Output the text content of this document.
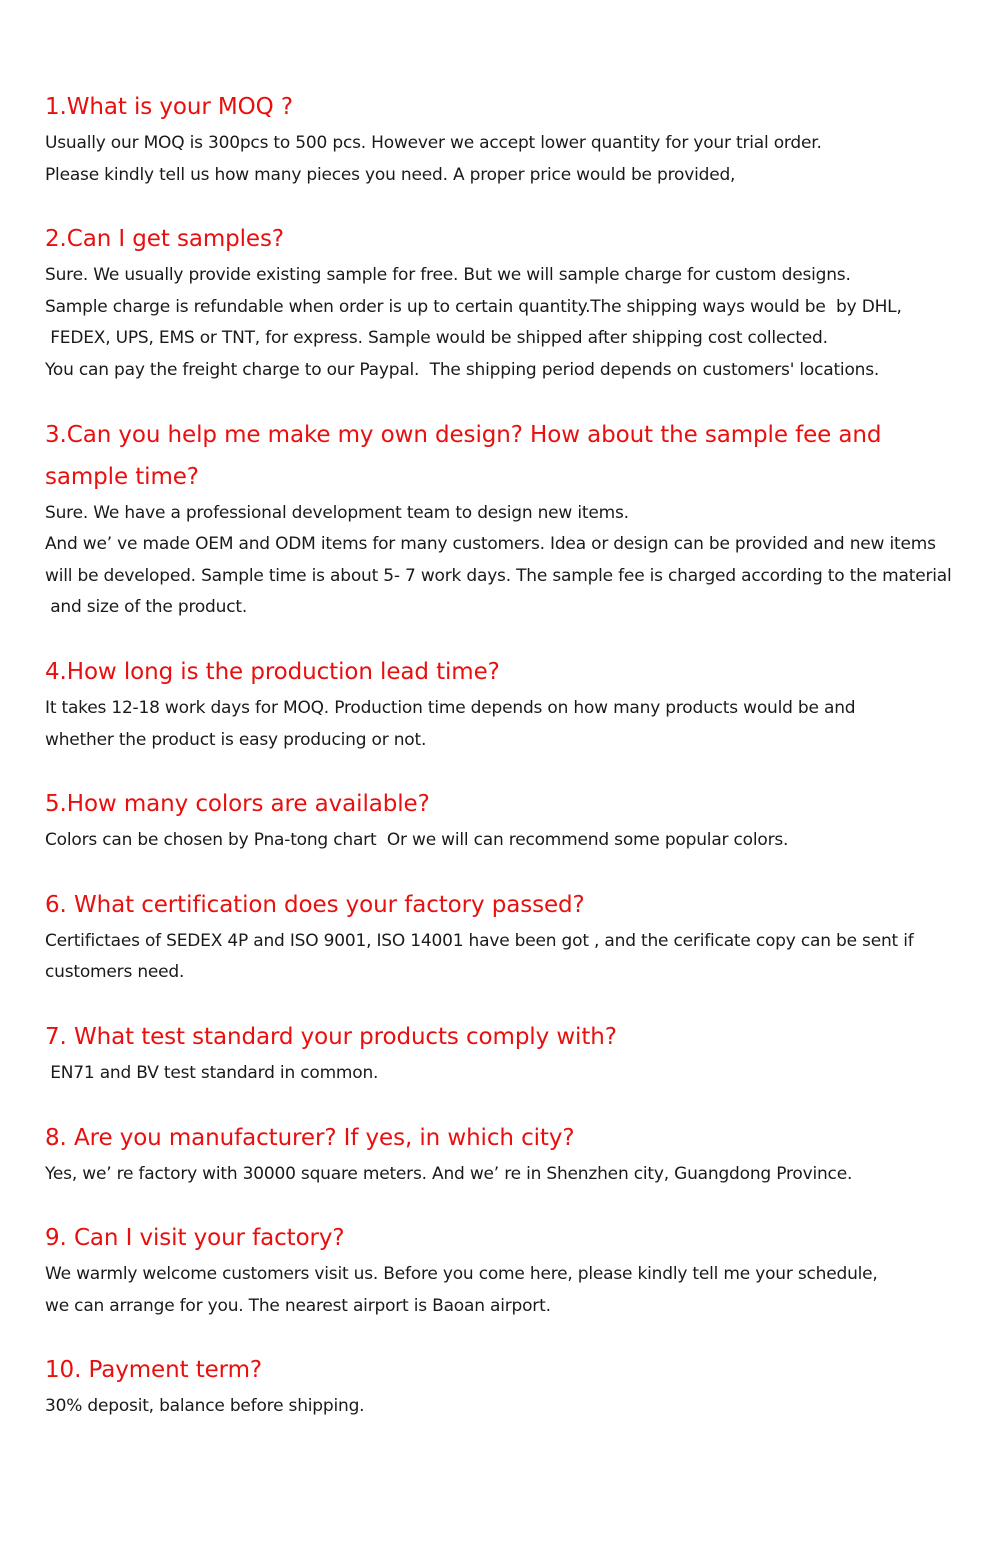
1.What is your MOQ ?
Usually our MOQ is 300pcs to 500 pcs. However we accept lower quantity for your trial order.
Please kindly tell us how many pieces you need. A proper price would be provided,
2.Can I get samples?
Sure. We usually provide existing sample for free. But we will sample charge for custom designs.
Sample charge is refundable when order is up to certain quantity.The shipping ways would be  by DHL,
FEDEX, UPS, EMS or TNT, for express. Sample would be shipped after shipping cost collected.
You can pay the freight charge to our Paypal.  The shipping period depends on customers' locations.
3.Can you help me make my own design? How about the sample fee and
sample time?
Sure. We have a professional development team to design new items.
And we’ ve made OEM and ODM items for many customers. Idea or design can be provided and new items
will be developed. Sample time is about 5- 7 work days. The sample fee is charged according to the material
and size of the product.
4.How long is the production lead time?
It takes 12-18 work days for MOQ. Production time depends on how many products would be and
whether the product is easy producing or not.
5.How many colors are available?
Colors can be chosen by Pna-tong chart  Or we will can recommend some popular colors.
6. What certification does your factory passed?
Certifictaes of SEDEX 4P and ISO 9001, ISO 14001 have been got , and the cerificate copy can be sent if
customers need.
7. What test standard your products comply with?
EN71 and BV test standard in common.
8. Are you manufacturer? If yes, in which city?
Yes, we’ re factory with 30000 square meters. And we’ re in Shenzhen city, Guangdong Province.
9. Can I visit your factory?
We warmly welcome customers visit us. Before you come here, please kindly tell me your schedule,
we can arrange for you. The nearest airport is Baoan airport.
10. Payment term?
30% deposit, balance before shipping.
